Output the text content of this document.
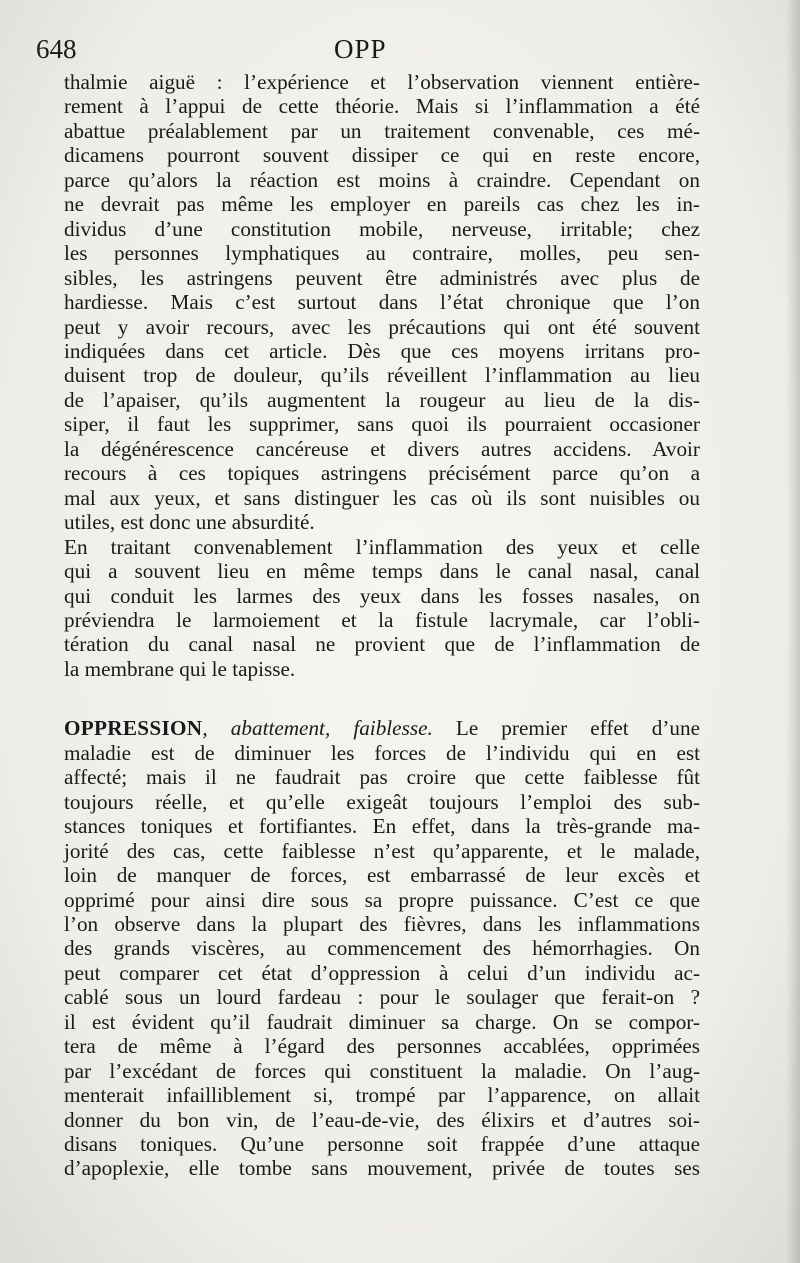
648	OPP
thalmie aiguë : l’expérience et l’observation viennent entière-
rement à l’appui de cette théorie. Mais si l’inflammation a été
abattue préalablement par un traitement convenable, ces mé-
dicamens pourront souvent dissiper ce qui en reste encore,
parce qu’alors la réaction est moins à craindre. Cependant on
ne devrait pas même les employer en pareils cas chez les in-
dividus d’une constitution mobile, nerveuse, irritable; chez
les personnes lymphatiques au contraire, molles, peu sen-
sibles, les astringens peuvent être administrés avec plus de
hardiesse. Mais c’est surtout dans l’état chronique que l’on
peut y avoir recours, avec les précautions qui ont été souvent
indiquées dans cet article. Dès que ces moyens irritans pro-
duisent trop de douleur, qu’ils réveillent l’inflammation au lieu
de l’apaiser, qu’ils augmentent la rougeur au lieu de la dis-
siper, il faut les supprimer, sans quoi ils pourraient occasioner
la dégénérescence cancéreuse et divers autres accidens. Avoir
recours à ces topiques astringens précisément parce qu’on a
mal aux yeux, et sans distinguer les cas où ils sont nuisibles ou
utiles, est donc une absurdité.
En traitant convenablement l’inflammation des yeux et celle
qui a souvent lieu en même temps dans le canal nasal, canal
qui conduit les larmes des yeux dans les fosses nasales, on
préviendra le larmoiement et la fistule lacrymale, car l’obli-
tération du canal nasal ne provient que de l’inflammation de
la membrane qui le tapisse.
OPPRESSION, abattement, faiblesse. Le premier effet d’une
maladie est de diminuer les forces de l’individu qui en est
affecté; mais il ne faudrait pas croire que cette faiblesse fût
toujours réelle, et qu’elle exigeât toujours l’emploi des sub-
stances toniques et fortifiantes. En effet, dans la très-grande ma-
jorité des cas, cette faiblesse n’est qu’apparente, et le malade,
loin de manquer de forces, est embarrassé de leur excès et
opprimé pour ainsi dire sous sa propre puissance. C’est ce que
l’on observe dans la plupart des fièvres, dans les inflammations
des grands viscères, au commencement des hémorrhagies. On
peut comparer cet état d’oppression à celui d’un individu ac-
cablé sous un lourd fardeau : pour le soulager que ferait-on ?
il est évident qu’il faudrait diminuer sa charge. On se compor-
tera de même à l’égard des personnes accablées, opprimées
par l’excédant de forces qui constituent la maladie. On l’aug-
menterait infailliblement si, trompé par l’apparence, on allait
donner du bon vin, de l’eau-de-vie, des élixirs et d’autres soi-
disans toniques. Qu’une personne soit frappée d’une attaque
d’apoplexie, elle tombe sans mouvement, privée de toutes ses
